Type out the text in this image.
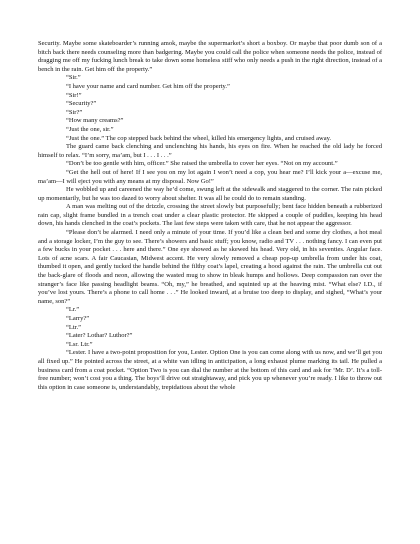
Security. Maybe some skateboarder’s running amok, maybe the supermarket’s short a boxboy. Or maybe that poor dumb son of a bitch back there needs counseling more than badgering. Maybe you could call the police when someone needs the police, instead of dragging me off my fucking lunch break to take down some homeless stiff who only needs a push in the right direction, instead of a bench in the rain. Get him off the property.”

“Sir.”

“I have your name and card number. Get him off the property.”

“Sir!”

“Security?”

“Sir?”

“How many creams?”

“Just the one, sir.”

“Just the one.” The cop stepped back behind the wheel, killed his emergency lights, and cruised away.

The guard came back clenching and unclenching his hands, his eyes on fire. When he reached the old lady he forced himself to relax. “I’m sorry, ma’am, but I . . . I . . .”

“Don’t be too gentle with him, officer.” She raised the umbrella to cover her eyes. “Not on my account.”

“Get the hell out of here! If I see you on my lot again I won’t need a cop, you hear me? I’ll kick your a—excuse me, ma’am—I will eject you with any means at my disposal. Now Go!”

He wobbled up and careened the way he’d come, swung left at the sidewalk and staggered to the corner. The rain picked up momentarily, but he was too dazed to worry about shelter. It was all he could do to remain standing.

A man was melting out of the drizzle, crossing the street slowly but purposefully; bent face hidden beneath a rubberized rain cap, slight frame bundled in a trench coat under a clear plastic protector. He skipped a couple of puddles, keeping his head down, his hands clenched in the coat’s pockets. The last few steps were taken with care, that he not appear the aggressor.

“Please don’t be alarmed. I need only a minute of your time. If you’d like a clean bed and some dry clothes, a hot meal and a storage locker, I’m the guy to see. There’s showers and basic stuff; you know, radio and TV . . . nothing fancy. I can even put a few bucks in your pocket . . . here and there.” One eye showed as he skewed his head. Very old, in his seventies. Angular face. Lots of acne scars. A fair Caucasian, Midwest accent. He very slowly removed a cheap pop-up umbrella from under his coat, thumbed it open, and gently tucked the handle behind the filthy coat’s lapel, creating a hood against the rain. The umbrella cut out the back-glare of floods and neon, allowing the wasted mug to show in bleak humps and hollows. Deep compassion ran over the stranger’s face like passing headlight beams. “Oh, my,” he breathed, and squinted up at the heaving mist. “What else? I.D., if you’ve lost yours. There’s a phone to call home . . .” He looked inward, at a bruise too deep to display, and sighed, “What’s your name, son?”

“Lr.”

“Larry?”

“Ltr.”

“Later? Lothar? Luthor?”

“Lsr. Ltr.”

“Lester. I have a two-point proposition for you, Lester. Option One is you can come along with us now, and we’ll get you all fixed up.” He pointed across the street, at a white van idling in anticipation, a long exhaust plume marking its tail. He pulled a business card from a coat pocket. “Option Two is you can dial the number at the bottom of this card and ask for ‘Mr. D’. It’s a toll-free number; won’t cost you a thing. The boys’ll drive out straightaway, and pick you up whenever you’re ready. I like to throw out this option in case someone is, understandably, trepidatious about the whole
